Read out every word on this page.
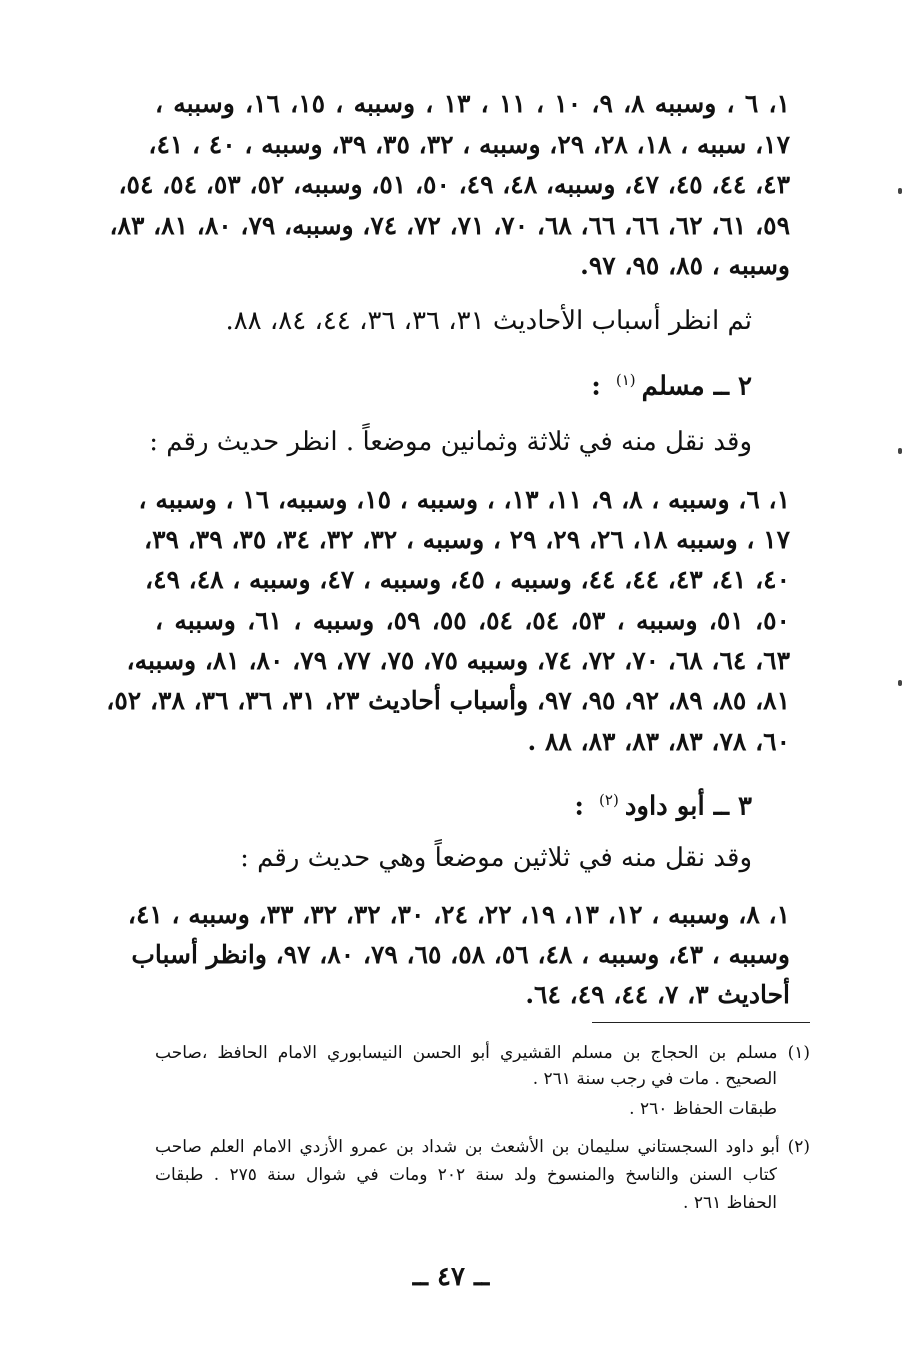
١، ٦ ، وسببه ٨، ٩، ١٠ ، ١١ ، ١٣ ، وسببه ، ١٥، ١٦، وسببه ،
١٧، سببه ، ١٨، ٢٨، ٢٩، وسببه ، ٣٢، ٣٥، ٣٩، وسببه ، ٤٠ ، ٤١،
٤٣، ٤٤، ٤٥، ٤٧، وسببه، ٤٨، ٤٩، ٥٠، ٥١، وسببه، ٥٢، ٥٣، ٥٤، ٥٤،
٥٩، ٦١، ٦٢، ٦٦، ٦٦، ٦٨، ٧٠، ٧١، ٧٢، ٧٤، وسببه، ٧٩، ٨٠، ٨١، ٨٣،
وسببه ، ٨٥، ٩٥، ٩٧.
ثم انظر أسباب الأحاديث ٣١، ٣٦، ٣٦، ٤٤، ٨٤، ٨٨.
٢ ــ مسلم$^{(١)}$ :
وقد نقل منه في ثلاثة وثمانين موضعاً . انظر حديث رقم :
١، ٦، وسببه ، ٨، ٩، ١١، ١٣، ، وسببه ، ١٥، وسببه، ١٦ ، وسببه ،
١٧ ، وسببه ١٨، ٢٦، ٢٩، ٢٩ ، وسببه ، ٣٢، ٣٢، ٣٤، ٣٥، ٣٩، ٣٩،
٤٠، ٤١، ٤٣، ٤٤، ٤٤، وسببه ، ٤٥، وسببه ، ٤٧، وسببه ، ٤٨، ٤٩،
٥٠، ٥١، وسببه ، ٥٣، ٥٤، ٥٤، ٥٥، ٥٩، وسببه ، ٦١، وسببه ،
٦٣، ٦٤، ٦٨، ٧٠، ٧٢، ٧٤، وسببه ٧٥، ٧٥، ٧٧، ٧٩، ٨٠، ٨١، وسببه،
٨١، ٨٥، ٨٩، ٩٢، ٩٥، ٩٧، وأسباب أحاديث ٢٣، ٣١، ٣٦، ٣٦، ٣٨، ٥٢،
٦٠، ٧٨، ٨٣، ٨٣، ٨٣، ٨٨ .
٣ ــ أبو داود$^{(٢)}$ :
وقد نقل منه في ثلاثين موضعاً وهي حديث رقم :
١، ٨، وسببه ، ١٢، ١٣، ١٩، ٢٢، ٢٤، ٣٠، ٣٢، ٣٢، ٣٣، وسببه ، ٤١،
وسببه ، ٤٣، وسببه ، ٤٨، ٥٦، ٥٨، ٦٥، ٧٩، ٨٠، ٩٧، وانظر أسباب
أحاديث ٣، ٧، ٤٤، ٤٩، ٦٤.
(١) مسلم بن الحجاج بن مسلم القشيري أبو الحسن النيسابوري الامام الحافظ ،صاحب
الصحيح . مات في رجب سنة ٢٦١ .
طبقات الحفاظ ٢٦٠ .
(٢) أبو داود السجستاني سليمان بن الأشعث بن شداد بن عمرو الأزدي الامام العلم صاحب
كتاب السنن والناسخ والمنسوخ ولد سنة ٢٠٢ ومات في شوال سنة ٢٧٥ . طبقات
الحفاظ ٢٦١ .
ــ ٤٧ ــ
